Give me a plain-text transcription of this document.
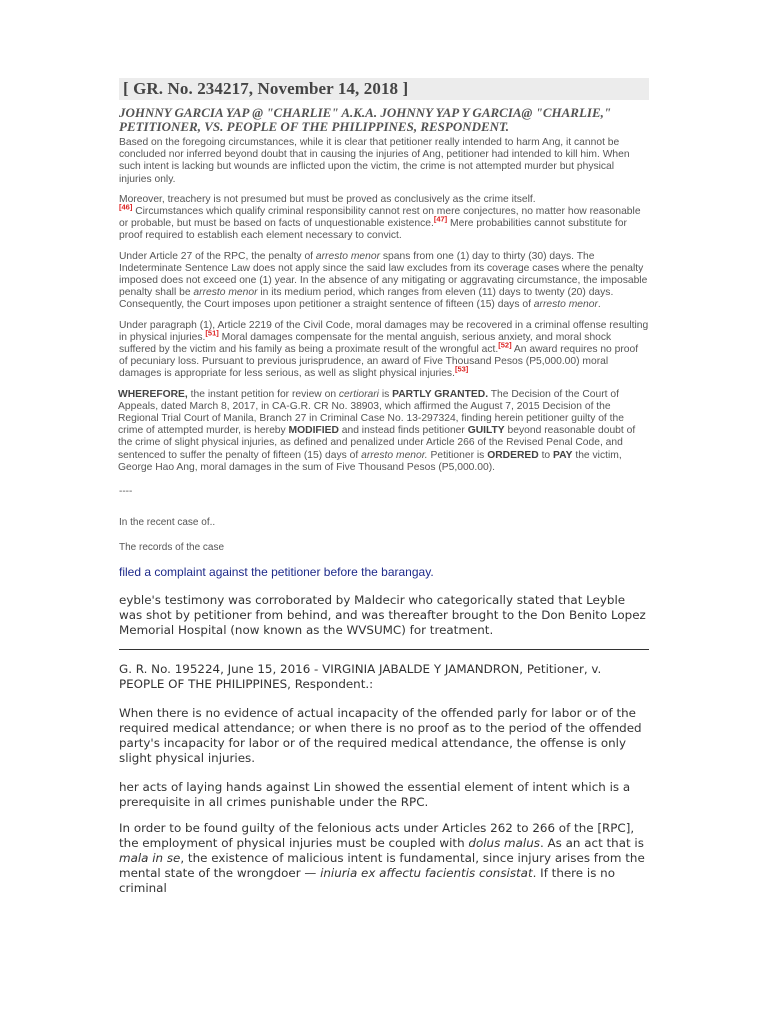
[ GR. No. 234217, November 14, 2018 ]
JOHNNY GARCIA YAP @ "CHARLIE" A.K.A. JOHNNY YAP Y GARCIA@ "CHARLIE," PETITIONER, VS. PEOPLE OF THE PHILIPPINES, RESPONDENT.

Based on the foregoing circumstances, while it is clear that petitioner really intended to harm Ang, it cannot be concluded nor inferred beyond doubt that in causing the injuries of Ang, petitioner had intended to kill him. When such intent is lacking but wounds are inflicted upon the victim, the crime is not attempted murder but physical injuries only.

Moreover, treachery is not presumed but must be proved as conclusively as the crime itself.
[46] Circumstances which qualify criminal responsibility cannot rest on mere conjectures, no matter how reasonable or probable, but must be based on facts of unquestionable existence.[47] Mere probabilities cannot substitute for proof required to establish each element necessary to convict.

Under Article 27 of the RPC, the penalty of arresto menor spans from one (1) day to thirty (30) days. The Indeterminate Sentence Law does not apply since the said law excludes from its coverage cases where the penalty imposed does not exceed one (1) year. In the absence of any mitigating or aggravating circumstance, the imposable penalty shall be arresto menor in its medium period, which ranges from eleven (11) days to twenty (20) days. Consequently, the Court imposes upon petitioner a straight sentence of fifteen (15) days of arresto menor.

Under paragraph (1), Article 2219 of the Civil Code, moral damages may be recovered in a criminal offense resulting in physical injuries.[51] Moral damages compensate for the mental anguish, serious anxiety, and moral shock suffered by the victim and his family as being a proximate result of the wrongful act.[52] An award requires no proof of pecuniary loss. Pursuant to previous jurisprudence, an award of Five Thousand Pesos (P5,000.00) moral damages is appropriate for less serious, as well as slight physical injuries.[53]

WHEREFORE, the instant petition for review on certiorari is PARTLY GRANTED. The Decision of the Court of Appeals, dated March 8, 2017, in CA-G.R. CR No. 38903, which affirmed the August 7, 2015 Decision of the Regional Trial Court of Manila, Branch 27 in Criminal Case No. 13-297324, finding herein petitioner guilty of the crime of attempted murder, is hereby MODIFIED and instead finds petitioner GUILTY beyond reasonable doubt of the crime of slight physical injuries, as defined and penalized under Article 266 of the Revised Penal Code, and sentenced to suffer the penalty of fifteen (15) days of arresto menor. Petitioner is ORDERED to PAY the victim, George Hao Ang, moral damages in the sum of Five Thousand Pesos (P5,000.00).

----
In the recent case of..
The records of the case
filed a complaint against the petitioner before the barangay.

eyble's testimony was corroborated by Maldecir who categorically stated that Leyble was shot by petitioner from behind, and was thereafter brought to the Don Benito Lopez Memorial Hospital (now known as the WVSUMC) for treatment.

G. R. No. 195224, June 15, 2016 - VIRGINIA JABALDE Y JAMANDRON, Petitioner, v. PEOPLE OF THE PHILIPPINES, Respondent.:

When there is no evidence of actual incapacity of the offended parly for labor or of the required medical attendance; or when there is no proof as to the period of the offended party's incapacity for labor or of the required medical attendance, the offense is only slight physical injuries.

her acts of laying hands against Lin showed the essential element of intent which is a prerequisite in all crimes punishable under the RPC.

In order to be found guilty of the felonious acts under Articles 262 to 266 of the [RPC], the employment of physical injuries must be coupled with dolus malus. As an act that is mala in se, the existence of malicious intent is fundamental, since injury arises from the mental state of the wrongdoer — iniuria ex affectu facientis consistat. If there is no criminal
